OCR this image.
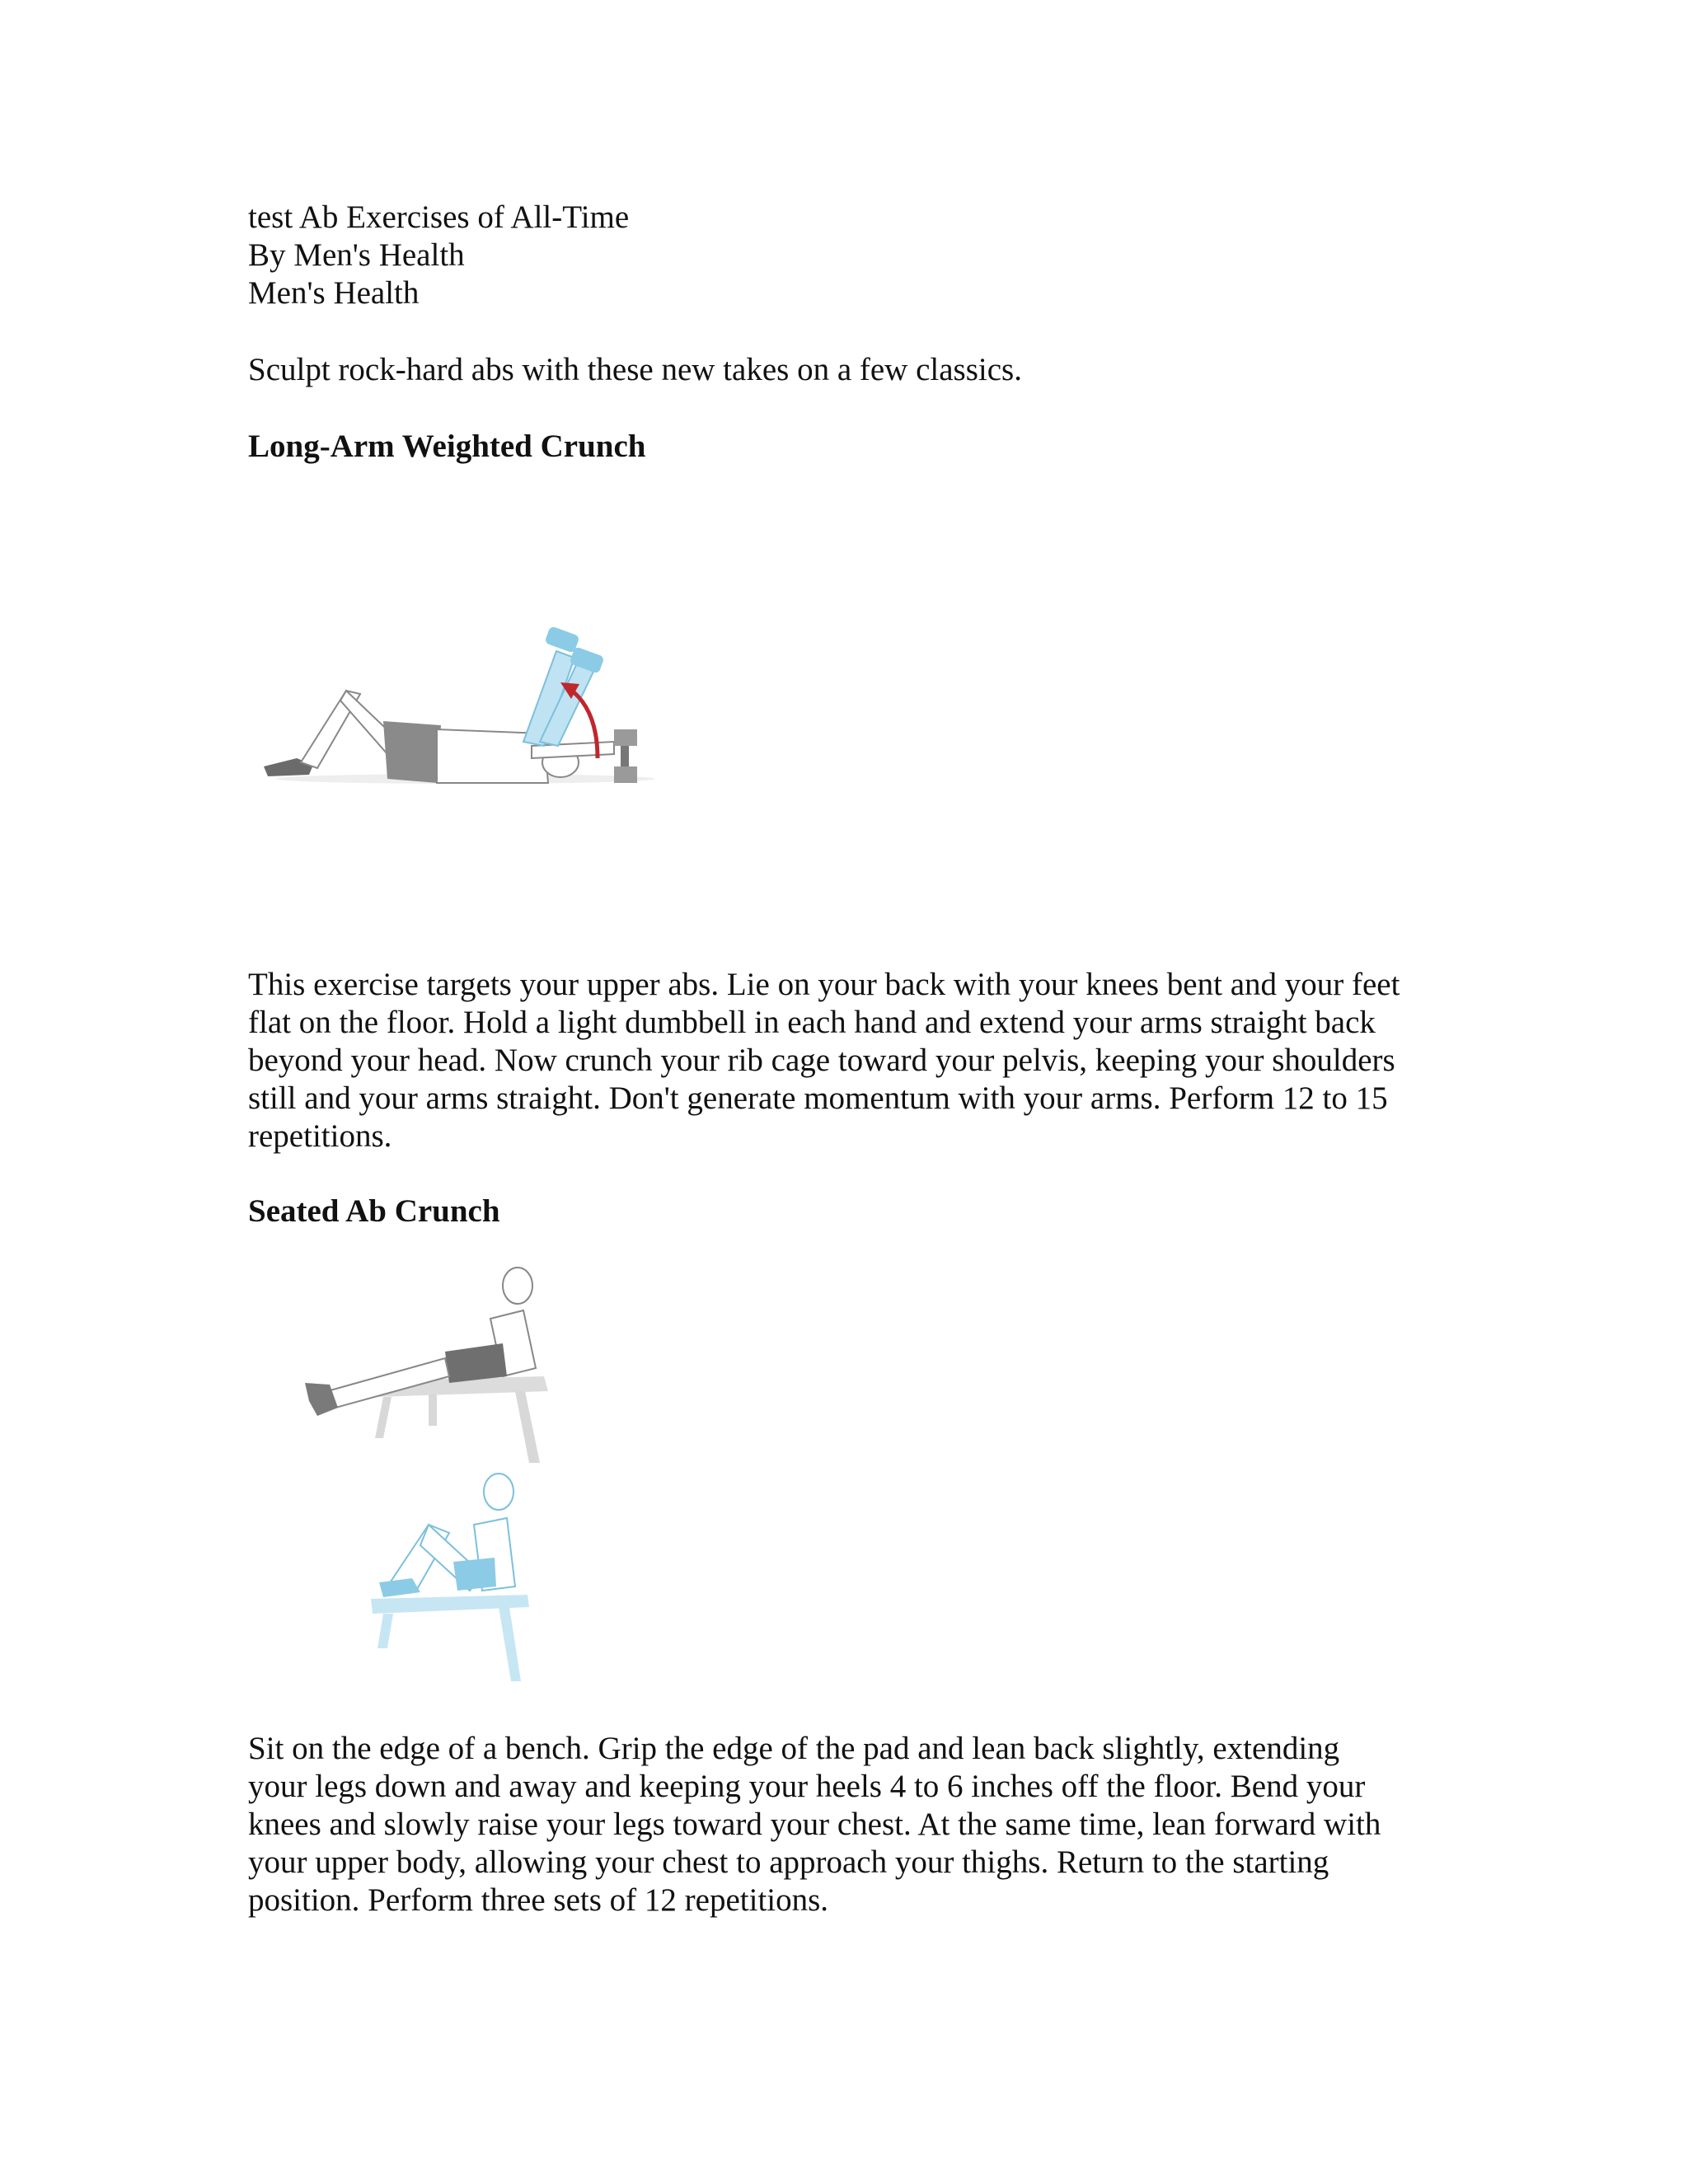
test Ab Exercises of All-Time
By Men's Health
Men's Health
Sculpt rock-hard abs with these new takes on a few classics.
Long-Arm Weighted Crunch
This exercise targets your upper abs. Lie on your back with your knees bent and your feet
flat on the floor. Hold a light dumbbell in each hand and extend your arms straight back
beyond your head. Now crunch your rib cage toward your pelvis, keeping your shoulders
still and your arms straight. Don't generate momentum with your arms. Perform 12 to 15
repetitions.
Seated Ab Crunch
Sit on the edge of a bench. Grip the edge of the pad and lean back slightly, extending
your legs down and away and keeping your heels 4 to 6 inches off the floor. Bend your
knees and slowly raise your legs toward your chest. At the same time, lean forward with
your upper body, allowing your chest to approach your thighs. Return to the starting
position. Perform three sets of 12 repetitions.
